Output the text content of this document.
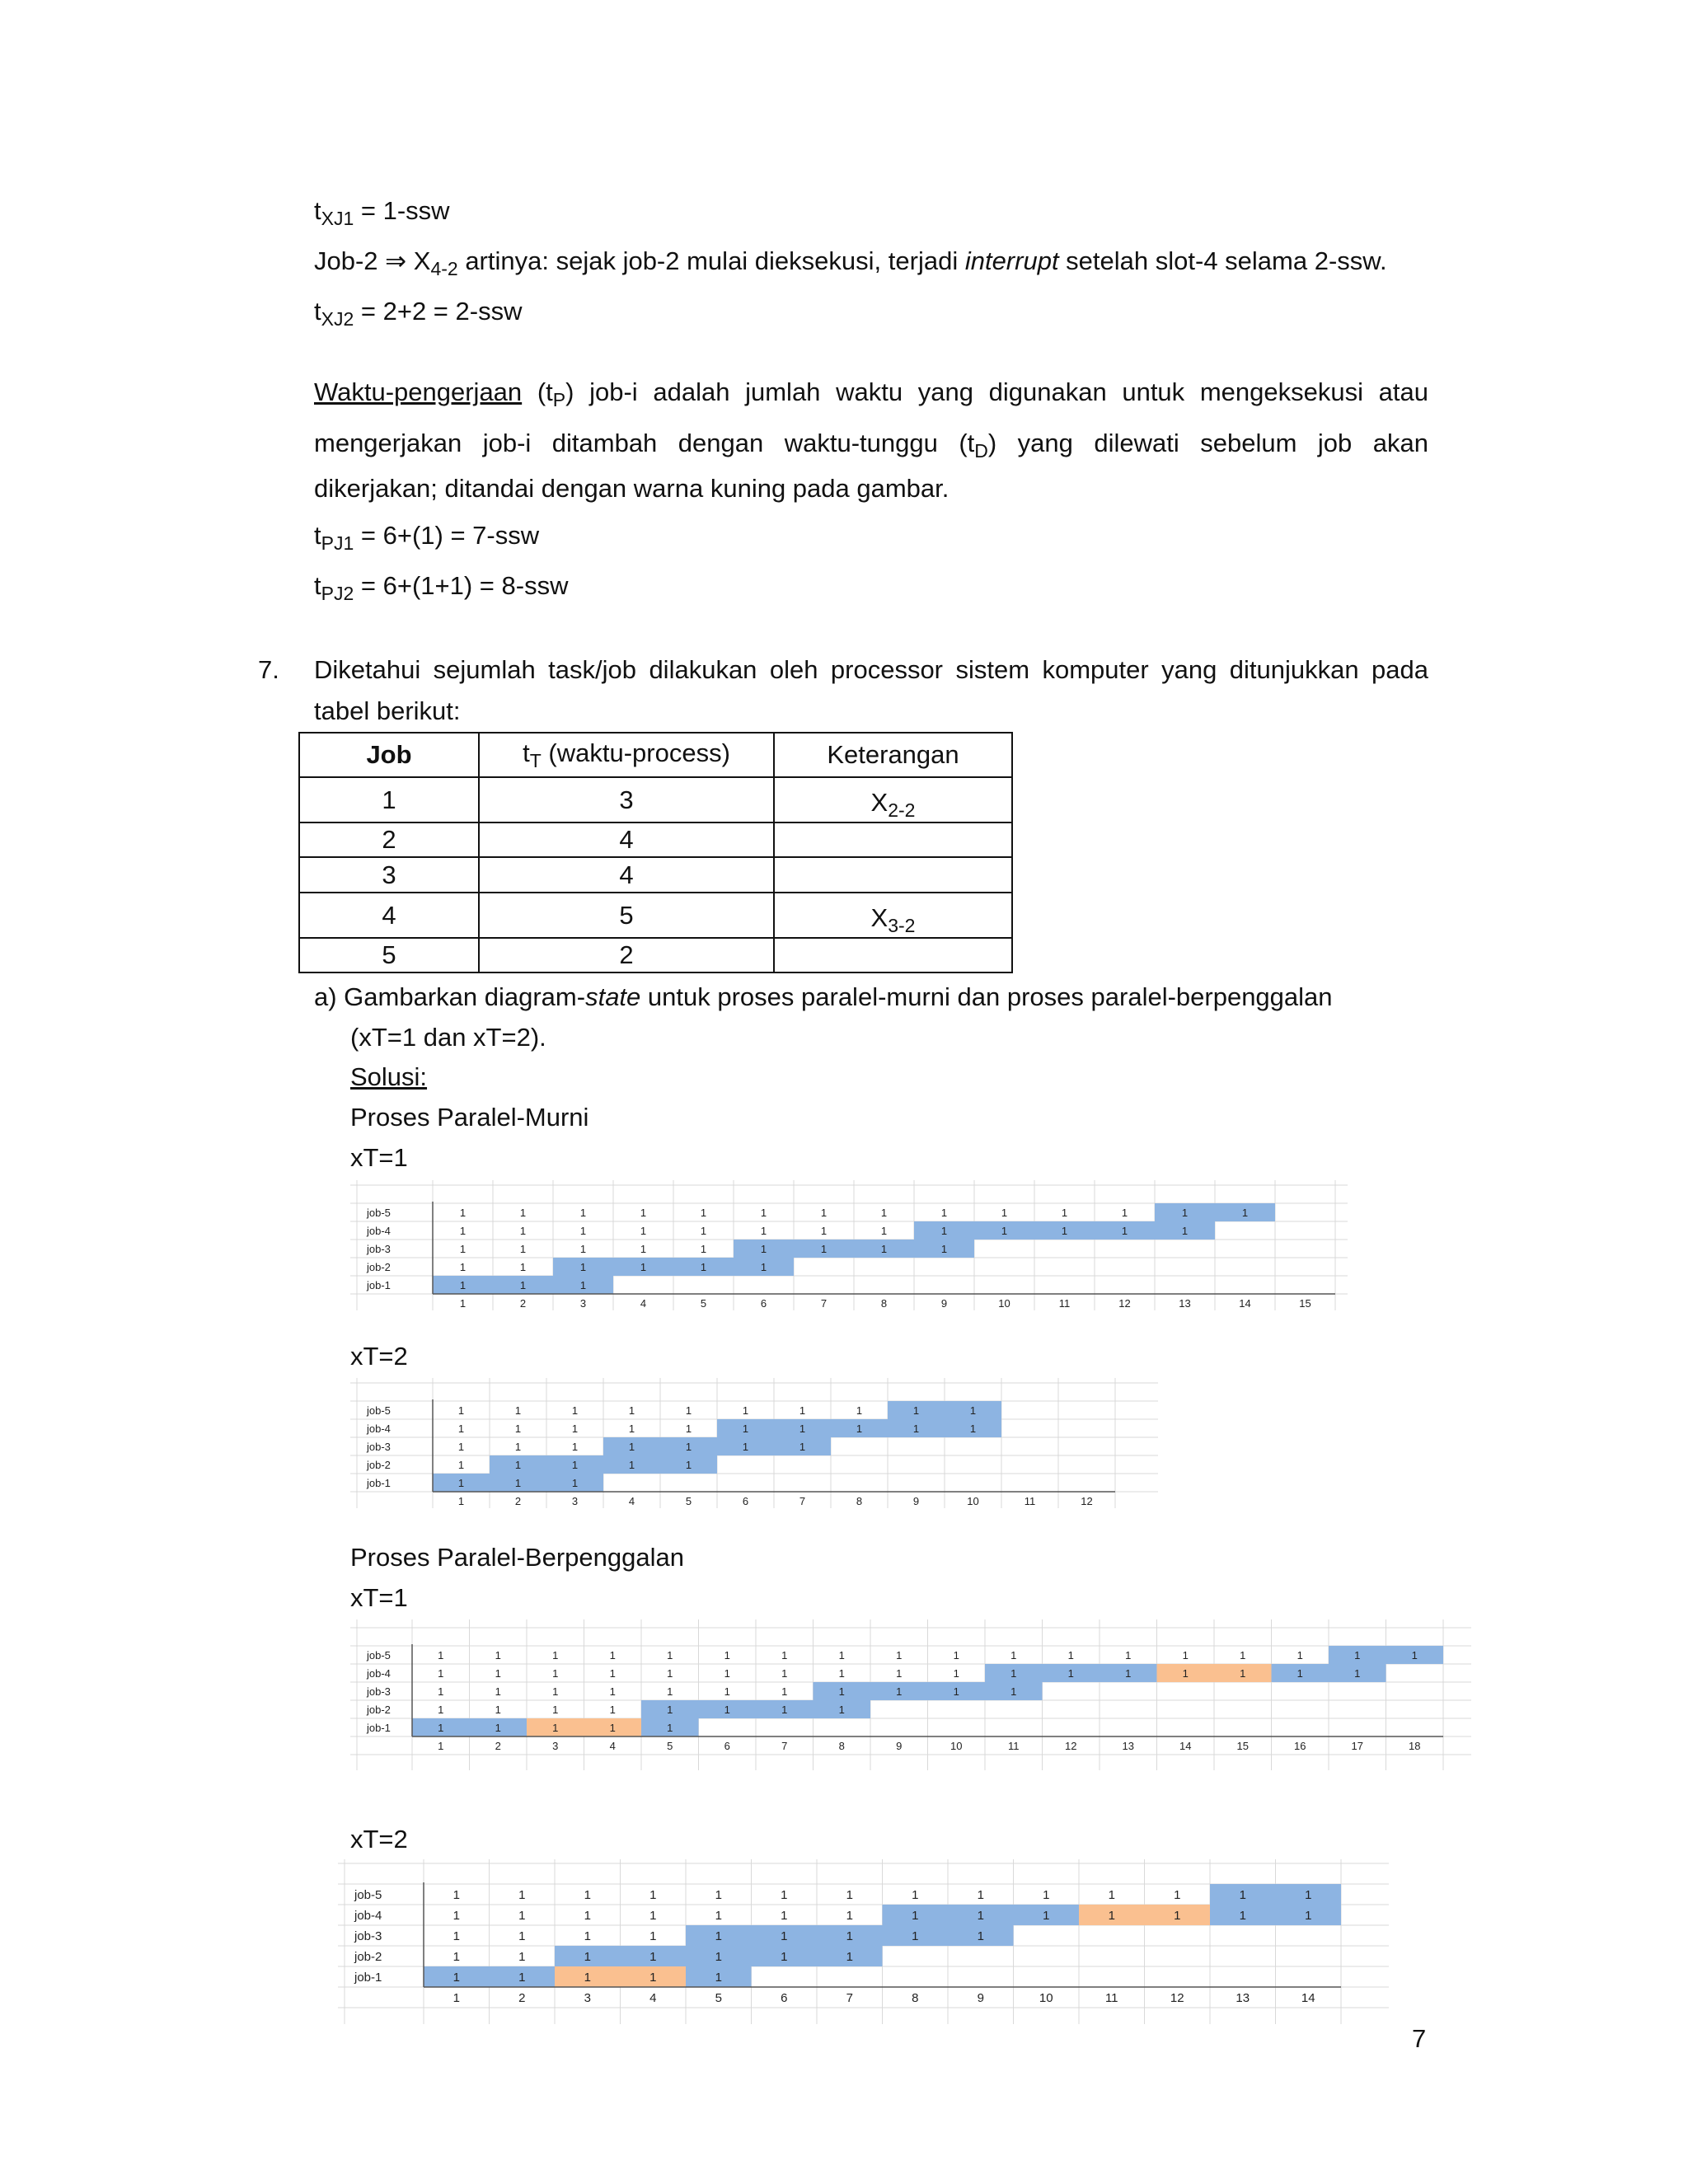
$t_{XJ1} = 1-ssw$
Job-2 ⇒ $X_{4-2}$ artinya: sejak job-2 mulai dieksekusi, terjadi interrupt setelah slot-4 selama 2-ssw.
$t_{XJ2} = 2+2 = 2-ssw$
Waktu-pengerjaan $(t_P)$ job-i adalah jumlah waktu yang digunakan untuk mengeksekusi atau
mengerjakan job-i ditambah dengan waktu-tunggu $(t_D)$ yang dilewati sebelum job akan
dikerjakan; ditandai dengan warna kuning pada gambar.
$t_{PJ1} = 6+(1) = 7-ssw$
$t_{PJ2} = 6+(1+1) = 8-ssw$
7. Diketahui sejumlah task/job dilakukan oleh processor sistem komputer yang ditunjukkan pada
tabel berikut:
Job	$t_T$ (waktu-process)	Keterangan
1	3	$X_{2-2}$
2	4	
3	4	
4	5	$X_{3-2}$
5	2	
a) Gambarkan diagram-state untuk proses paralel-murni dan proses paralel-berpenggalan
(xT=1 dan xT=2).
Solusi:
Proses Paralel-Murni
xT=1
job-5	1	1	1	1	1	1	1	1	1	1	1	1	1	1
job-4	1	1	1	1	1	1	1	1	1	1	1	1	1
job-3	1	1	1	1	1	1	1	1	1
job-2	1	1	1	1	1	1
job-1	1	1	1
1	2	3	4	5	6	7	8	9	10	11	12	13	14	15
xT=2
job-5	1	1	1	1	1	1	1	1	1	1
job-4	1	1	1	1	1	1	1	1	1	1
job-3	1	1	1	1	1	1	1
job-2	1	1	1	1	1
job-1	1	1	1
1	2	3	4	5	6	7	8	9	10	11	12
Proses Paralel-Berpenggalan
xT=1
job-5	1	1	1	1	1	1	1	1	1	1	1	1	1	1	1	1	1	1
job-4	1	1	1	1	1	1	1	1	1	1	1	1	1	1	1	1	1
job-3	1	1	1	1	1	1	1	1	1	1	1
job-2	1	1	1	1	1	1	1	1
job-1	1	1	1	1	1
1	2	3	4	5	6	7	8	9	10	11	12	13	14	15	16	17	18
xT=2
job-5	1	1	1	1	1	1	1	1	1	1	1	1	1	1
job-4	1	1	1	1	1	1	1	1	1	1	1	1	1	1
job-3	1	1	1	1	1	1	1	1	1
job-2	1	1	1	1	1	1	1
job-1	1	1	1	1	1
1	2	3	4	5	6	7	8	9	10	11	12	13	14
7
